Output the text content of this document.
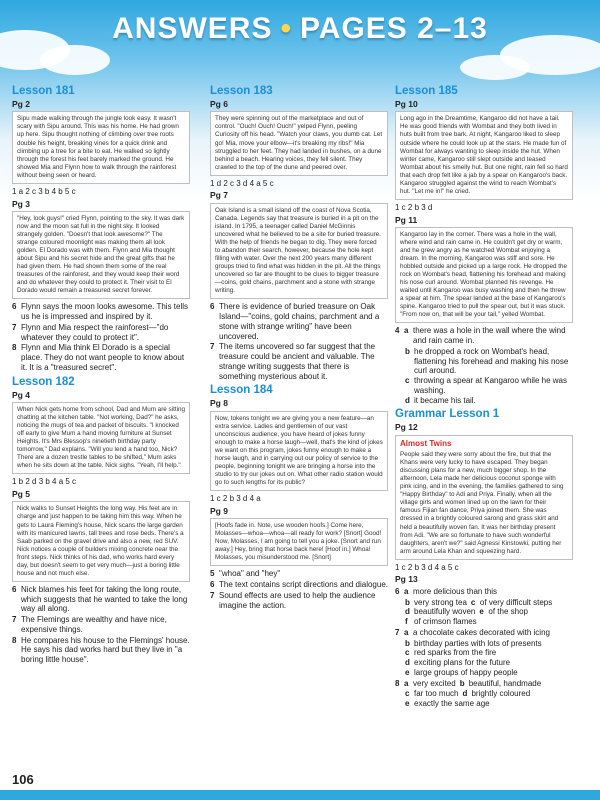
ANSWERS • PAGES 2–13
Lesson 181
Pg 2
Sipu made walking through the jungle look easy. It wasn't scary with Sipu around. This was his home. He had grown up here. Sipu thought nothing of climbing over tree roots double his height, breaking vines for a quick drink and climbing up a tree for a bite to eat. He walked so lightly through the forest his feet barely marked the ground. He showed Mia and Flynn how to walk through the rainforest without being seen or heard.
1 a 2 c 3 b 4 b 5 c
Pg 3
"Hey, look guys!" cried Flynn, pointing to the sky. It was dark now and the moon sat full in the night sky. It looked strangely golden. "Doesn't that look awesome?" The strange coloured moonlight was making them all look golden. El Dorado was with them. Flynn and Mia thought about Sipu and his secret hide and the great gifts that he had given them. He had shown them some of the real treasures of the rainforest, and they would keep their word and do whatever they could to protect it. Their visit to El Dorado would remain a treasured secret forever.
6 Flynn says the moon looks awesome. This tells us he is impressed and inspired by it.
7 Flynn and Mia respect the rainforest—"do whatever they could to protect it".
8 Flynn and Mia think El Dorado is a special place. They do not want people to know about it. It is a "treasured secret".
Lesson 182
Pg 4
When Nick gets home from school, Dad and Mum are sitting chatting at the kitchen table. "Not working, Dad?" he asks, noticing the mugs of tea and packet of biscuits. "I knocked off early to give Mum a hand moving furniture at Sunset Heights. It's Mrs Blessop's ninetieth birthday party tomorrow," Dad explains. "Will you lend a hand too, Nick? There are a dozen trestle tables to be shifted," Mum asks when he sits down at the table. Nick sighs. "Yeah, I'll help."
1 b 2 d 3 b 4 a 5 c
Pg 5
Nick walks to Sunset Heights the long way. His feet are in charge and just happen to be taking him this way. When he gets to Laura Fleming's house, Nick scans the large garden with its manicured lawns, tall trees and rose beds. There's a Saab parked on the gravel drive and also a new, red SUV. Nick notices a couple of builders mixing concrete near the front steps. Nick thinks of his dad, who works hard every day, but doesn't seem to get very much—just a boring little house and not much else.
6 Nick blames his feet for taking the long route, which suggests that he wanted to take the long way all along.
7 The Flemings are wealthy and have nice, expensive things.
8 He compares his house to the Flemings' house. He says his dad works hard but they live in "a boring little house".
Lesson 183
Pg 6
They were spinning out of the marketplace and out of control. "Ouch! Ouch! Ouch!" yelped Flynn, peeling Curiosity off his head. "Watch your claws, you dumb cat. Let go! Mia, move your elbow—it's breaking my ribs!" Mia struggled to her feet. They had landed in bushes, on a dune behind a beach. Hearing voices, they fell silent. They crawled to the top of the dune and peered over.
1 d 2 c 3 d 4 a 5 c
Pg 7
Oak Island is a small island off the coast of Nova Scotia, Canada. Legends say that treasure is buried in a pit on the island. In 1795, a teenager called Daniel McGinnis uncovered what he believed to be a site for buried treasure. With the help of friends he began to dig. They were forced to abandon their search, however, because the hole kept filling with water. Over the next 200 years many different groups tried to find what was hidden in the pit. All the things uncovered so far are thought to be clues to bigger treasure—coins, gold chains, parchment and a stone with strange writing.
6 There is evidence of buried treasure on Oak Island—"coins, gold chains, parchment and a stone with strange writing" have been uncovered.
7 The items uncovered so far suggest that the treasure could be ancient and valuable. The strange writing suggests that there is something mysterious about it.
Lesson 184
Pg 8
Now, tokens tonight we are giving you a new feature—an extra service. Ladies and gentlemen of our vast unconscious audience, you have heard of jokes funny enough to make a horse laugh—well, that's the kind of jokes we want on this program, jokes funny enough to make a horse laugh, and in carrying out our policy of service to the people, beginning tonight we are bringing a horse into the studio to try our jokes out on. What other radio station would go to such lengths for its public?
1 c 2 b 3 d 4 a
Pg 9
[Hoofs fade in. Note, use wooden hoofs.] Come here, Molasses—whoa—whoa—all ready for work? [Snort] Good! Now, Molasses, I am going to tell you a joke. [Snort and run away.] Hey, bring that horse back here! [Hoof in.] Whoa! Molasses, you misunderstood me. [Snort]
5 "whoa" and "hey"
6 The text contains script directions and dialogue.
7 Sound effects are used to help the audience imagine the action.
Lesson 185
Pg 10
Long ago in the Dreamtime, Kangaroo did not have a tail. He was good friends with Wombat and they both lived in huts built from tree bark. At night, Kangaroo liked to sleep outside where he could look up at the stars. He made fun of Wombat for always wanting to sleep inside the hut. When winter came, Kangaroo still slept outside and teased Wombat about his smelly hut. But one night, rain fell so hard that each drop felt like a jab by a spear on Kangaroo's back. Kangaroo struggled against the wind to reach Wombat's hut. "Let me in!" he cried.
1 c 2 b 3 d
Pg 11
Kangaroo lay in the corner. There was a hole in the wall, where wind and rain came in. He couldn't get dry or warm, and he grew angry as he watched Wombat enjoying a dream. In the morning, Kangaroo was stiff and sore. He hobbled outside and picked up a large rock. He dropped the rock on Wombat's head, flattening his forehead and making his nose curl around. Wombat planned his revenge. He waited until Kangaroo was busy washing and then he threw a spear at him. The spear landed at the base of Kangaroo's spine. Kangaroo tried to pull the spear out, but it was stuck. "From now on, that will be your tail," yelled Wombat.
4 a there was a hole in the wall where the wind and rain came in.
b he dropped a rock on Wombat's head, flattening his forehead and making his nose curl around.
c throwing a spear at Kangaroo while he was washing.
d it became his tail.
Grammar Lesson 1
Pg 12
Almost Twins
People said they were sorry about the fire, but that the Khans were very lucky to have escaped. They began discussing plans for a new, much bigger shop. In the afternoon, Lela made her delicious coconut sponge with pink icing, and in the evening, the families gathered to sing "Happy Birthday" to Adi and Priya. Finally, when all the village girls and women lined up on the lawn for their famous Fijian fan dance, Priya joined them. She was dressed in a brightly coloured sarong and grass skirt and held a beautifully woven fan. It was her birthday present from Adi. "We are so fortunate to have such wonderful daughters, aren't we?" said Agnessi Kinstowki, putting her arm around Lela Khan and squeezing hard.
1 c 2 b 3 d 4 a 5 c
Pg 13
6 a more delicious than this
b very strong tea c of very difficult steps
d beautifully woven e of the shop
f of crimson flames
7 a a chocolate cakes decorated with icing
b birthday parties with lots of presents
c red sparks from the fire
d exciting plans for the future
e large groups of happy people
8 a very excited b beautiful, handmade
c far too much d brightly coloured
e exactly the same age
106
